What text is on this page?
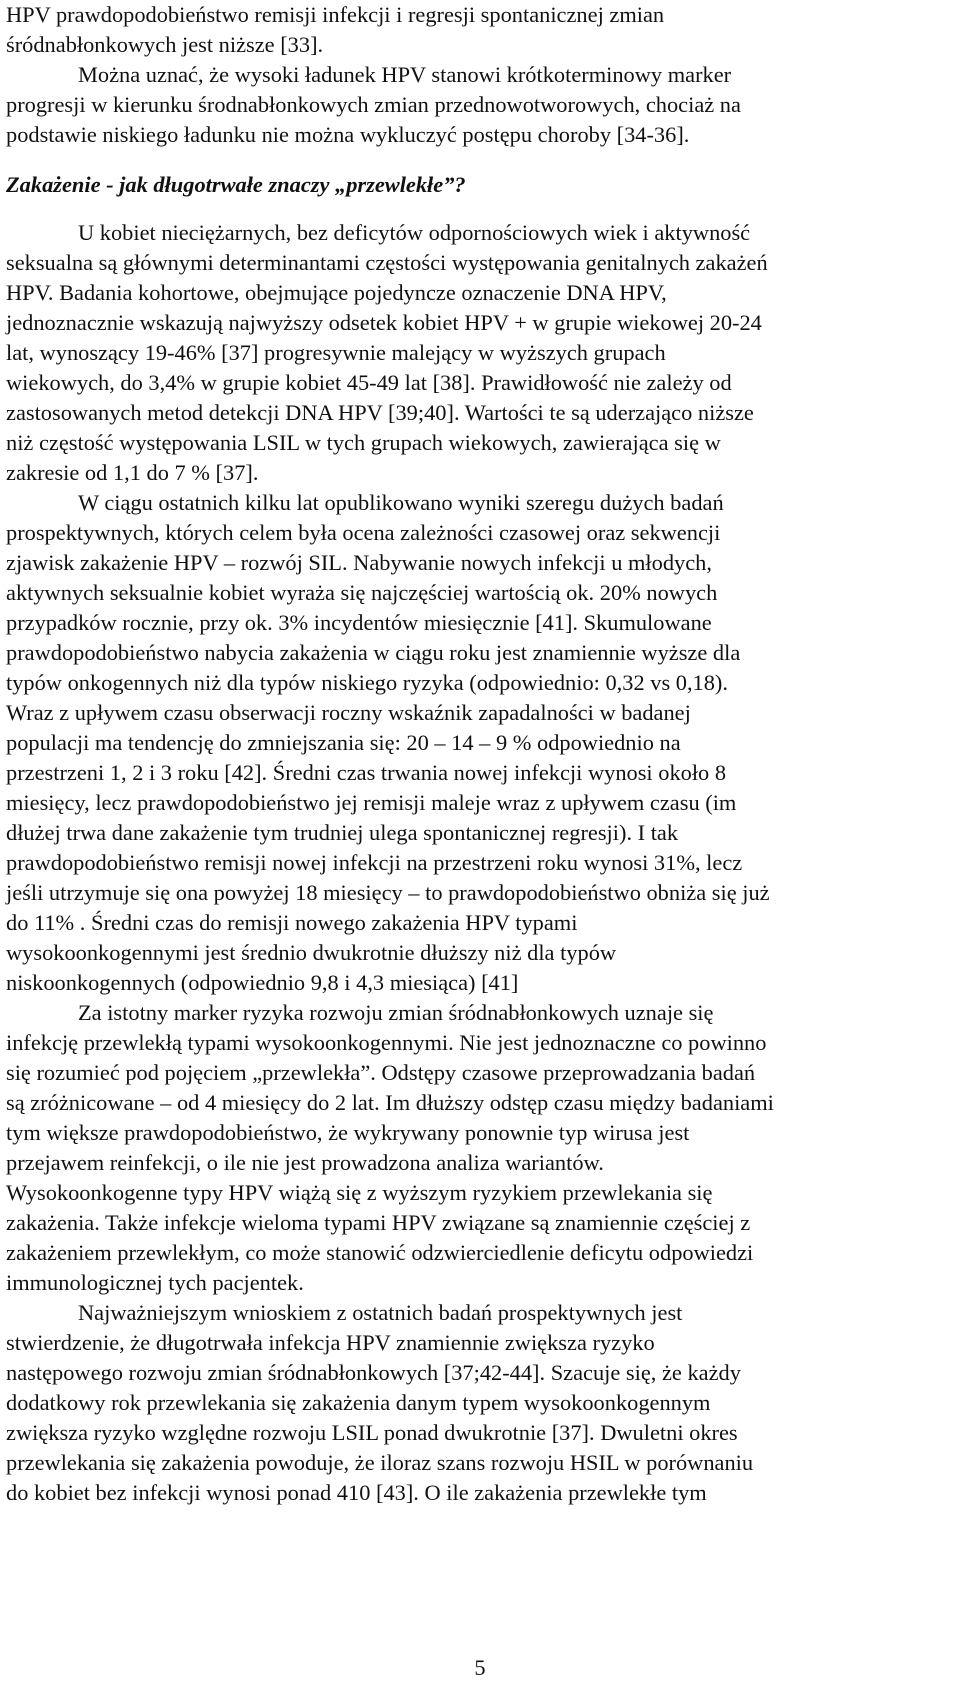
HPV prawdopodobieństwo remisji infekcji i regresji spontanicznej zmian
śródnabłonkowych jest niższe [33].
Można uznać, że wysoki ładunek HPV stanowi krótkoterminowy marker
progresji w kierunku środnabłonkowych zmian przednowotworowych, chociaż na
podstawie niskiego ładunku nie można wykluczyć postępu choroby [34-36].
Zakażenie - jak długotrwałe znaczy „przewlekłe”?
U kobiet nieciężarnych, bez deficytów odpornościowych wiek i aktywność
seksualna są głównymi determinantami częstości występowania genitalnych zakażeń
HPV. Badania kohortowe, obejmujące pojedyncze oznaczenie DNA HPV,
jednoznacznie wskazują najwyższy odsetek kobiet HPV + w grupie wiekowej 20-24
lat, wynoszący 19-46% [37] progresywnie malejący w wyższych grupach
wiekowych, do 3,4% w grupie kobiet 45-49 lat [38]. Prawidłowość nie zależy od
zastosowanych metod detekcji DNA HPV [39;40]. Wartości te są uderzająco niższe
niż częstość występowania LSIL w tych grupach wiekowych, zawierająca się w
zakresie od 1,1 do 7 % [37].
W ciągu ostatnich kilku lat opublikowano wyniki szeregu dużych badań
prospektywnych, których celem była ocena zależności czasowej oraz sekwencji
zjawisk zakażenie HPV – rozwój SIL. Nabywanie nowych infekcji u młodych,
aktywnych seksualnie kobiet wyraża się najczęściej wartością ok. 20% nowych
przypadków rocznie, przy ok. 3% incydentów miesięcznie [41]. Skumulowane
prawdopodobieństwo nabycia zakażenia w ciągu roku jest znamiennie wyższe dla
typów onkogennych niż dla typów niskiego ryzyka (odpowiednio: 0,32 vs 0,18).
Wraz z upływem czasu obserwacji roczny wskaźnik zapadalności w badanej
populacji ma tendencję do zmniejszania się: 20 – 14 – 9 % odpowiednio na
przestrzeni 1, 2 i 3 roku [42]. Średni czas trwania nowej infekcji wynosi około 8
miesięcy, lecz prawdopodobieństwo jej remisji maleje wraz z upływem czasu (im
dłużej trwa dane zakażenie tym trudniej ulega spontanicznej regresji). I tak
prawdopodobieństwo remisji nowej infekcji na przestrzeni roku wynosi 31%, lecz
jeśli utrzymuje się ona powyżej 18 miesięcy – to prawdopodobieństwo obniża się już
do 11% . Średni czas do remisji nowego zakażenia HPV typami
wysokoonkogennymi jest średnio dwukrotnie dłuższy niż dla typów
niskoonkogennych (odpowiednio 9,8 i 4,3 miesiąca) [41]
Za istotny marker ryzyka rozwoju zmian śródnabłonkowych uznaje się
infekcję przewlekłą typami wysokoonkogennymi. Nie jest jednoznaczne co powinno
się rozumieć pod pojęciem „przewlekła”. Odstępy czasowe przeprowadzania badań
są zróżnicowane – od 4 miesięcy do 2 lat. Im dłuższy odstęp czasu między badaniami
tym większe prawdopodobieństwo, że wykrywany ponownie typ wirusa jest
przejawem reinfekcji, o ile nie jest prowadzona analiza wariantów.
Wysokoonkogenne typy HPV wiążą się z wyższym ryzykiem przewlekania się
zakażenia. Także infekcje wieloma typami HPV związane są znamiennie częściej z
zakażeniem przewlekłym, co może stanowić odzwierciedlenie deficytu odpowiedzi
immunologicznej tych pacjentek.
Najważniejszym wnioskiem z ostatnich badań prospektywnych jest
stwierdzenie, że długotrwała infekcja HPV znamiennie zwiększa ryzyko
następowego rozwoju zmian śródnabłonkowych [37;42-44]. Szacuje się, że każdy
dodatkowy rok przewlekania się zakażenia danym typem wysokoonkogennym
zwiększa ryzyko względne rozwoju LSIL ponad dwukrotnie [37]. Dwuletni okres
przewlekania się zakażenia powoduje, że iloraz szans rozwoju HSIL w porównaniu
do kobiet bez infekcji wynosi ponad 410 [43]. O ile zakażenia przewlekłe tym
5
